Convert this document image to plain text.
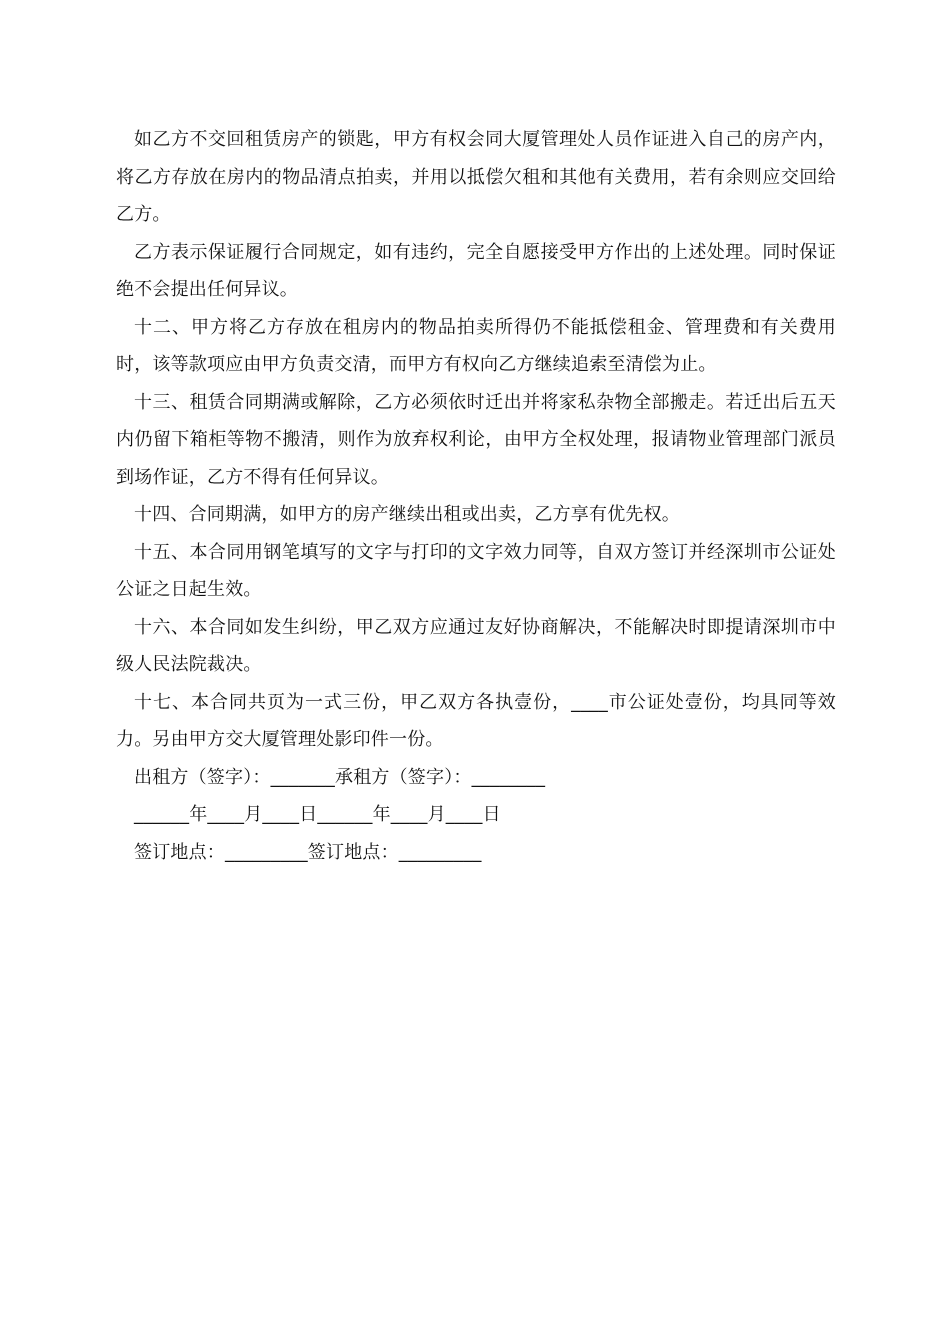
如乙方不交回租赁房产的锁匙，甲方有权会同大厦管理处人员作证进入自己的房产内，将乙方存放在房内的物品清点拍卖，并用以抵偿欠租和其他有关费用，若有余则应交回给乙方。

乙方表示保证履行合同规定，如有违约，完全自愿接受甲方作出的上述处理。同时保证绝不会提出任何异议。

十二、甲方将乙方存放在租房内的物品拍卖所得仍不能抵偿租金、管理费和有关费用时，该等款项应由甲方负责交清，而甲方有权向乙方继续追索至清偿为止。

十三、租赁合同期满或解除，乙方必须依时迁出并将家私杂物全部搬走。若迁出后五天内仍留下箱柜等物不搬清，则作为放弃权利论，由甲方全权处理，报请物业管理部门派员到场作证，乙方不得有任何异议。

十四、合同期满，如甲方的房产继续出租或出卖，乙方享有优先权。

十五、本合同用钢笔填写的文字与打印的文字效力同等，自双方签订并经深圳市公证处公证之日起生效。

十六、本合同如发生纠纷，甲乙双方应通过友好协商解决，不能解决时即提请深圳市中级人民法院裁决。

十七、本合同共页为一式三份，甲乙双方各执壹份，____市公证处壹份，均具同等效力。另由甲方交大厦管理处影印件一份。

出租方（签字）：_______承租方（签字）：________

______年____月____日______年____月____日

签订地点：_________签订地点：_________
